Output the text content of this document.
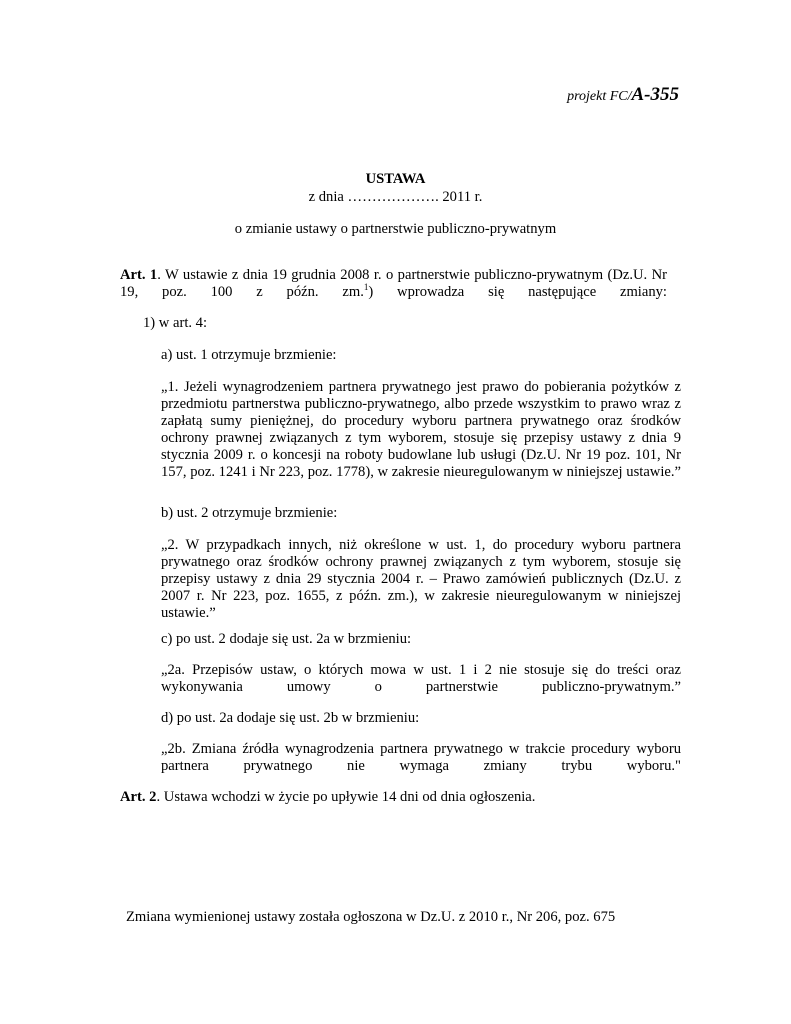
projekt FC/A-355
USTAWA
z dnia ………………. 2011 r.
o zmianie ustawy o partnerstwie publiczno-prywatnym
Art. 1. W ustawie z dnia 19 grudnia 2008 r. o partnerstwie publiczno-prywatnym (Dz.U. Nr 19, poz. 100 z późn. zm.$^1$) wprowadza się następujące zmiany:
1) w art. 4:
a) ust. 1 otrzymuje brzmienie:
„1. Jeżeli wynagrodzeniem partnera prywatnego jest prawo do pobierania pożytków z przedmiotu partnerstwa publiczno-prywatnego, albo przede wszystkim to prawo wraz z zapłatą sumy pieniężnej, do procedury wyboru partnera prywatnego oraz środków ochrony prawnej związanych z tym wyborem, stosuje się przepisy ustawy z dnia 9 stycznia 2009 r. o koncesji na roboty budowlane lub usługi (Dz.U. Nr 19 poz. 101, Nr 157, poz. 1241 i Nr 223, poz. 1778), w zakresie nieuregulowanym w niniejszej ustawie.”
b) ust. 2 otrzymuje brzmienie:
„2. W przypadkach innych, niż określone w ust. 1, do procedury wyboru partnera prywatnego oraz środków ochrony prawnej związanych z tym wyborem, stosuje się przepisy ustawy z dnia 29 stycznia 2004 r. – Prawo zamówień publicznych (Dz.U. z 2007 r. Nr 223, poz. 1655, z późn. zm.), w zakresie nieuregulowanym w niniejszej ustawie.”
c) po ust. 2 dodaje się ust. 2a w brzmieniu:
„2a. Przepisów ustaw, o których mowa w ust. 1 i 2 nie stosuje się do treści oraz wykonywania umowy o partnerstwie publiczno-prywatnym.”
d) po ust. 2a dodaje się ust. 2b w brzmieniu:
„2b. Zmiana źródła wynagrodzenia partnera prywatnego w trakcie procedury wyboru partnera prywatnego nie wymaga zmiany trybu wyboru."
Art. 2. Ustawa wchodzi w życie po upływie 14 dni od dnia ogłoszenia.
Zmiana wymienionej ustawy została ogłoszona w Dz.U. z 2010 r., Nr 206, poz. 675
